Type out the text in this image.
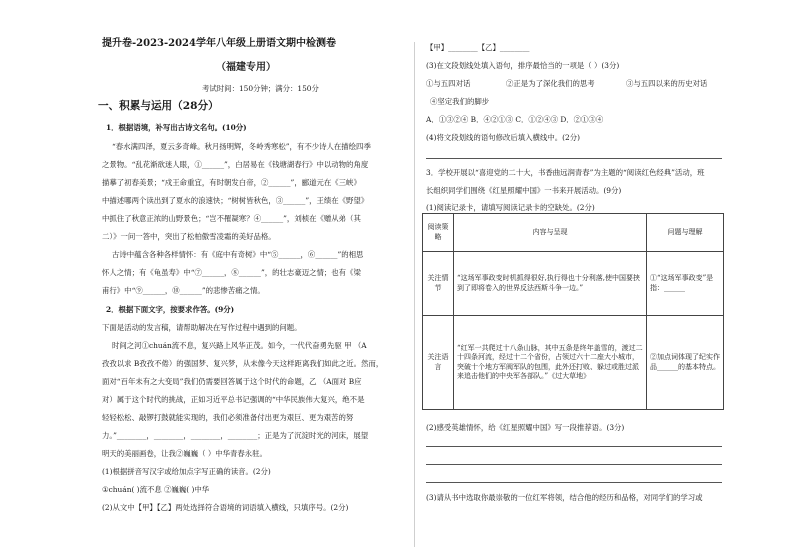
提升卷-2023-2024学年八年级上册语文期中检测卷
（福建专用）
考试时间：150分钟；满分：150分
一、积累与运用（28分）
1．根据语境，补写出古诗文名句。(10分)
“春水满四泽，夏云多奇峰。秋月扬明辉，冬岭秀寒松”，有不少诗人在描绘四季
之景物。“乱花渐欲迷人眼，①______”，白居易在《钱塘湖春行》中以动物的角度
描摹了初春美景；“戍王命重宜，有时朝发白帝，②______”，郦道元在《三峡》
中描述哪两个读出到了夏水的浪速快；“树树皆秋色，③______”，王绩在《野望》
中抓住了秋意正浓的山野景色；“岂不罹凝寒？④______”，刘桢在《赠从弟（其
二）》一问一答中，突出了松柏傲雪凌霜的美好品格。
古诗中蕴含各种各样情怀：有《庭中有奇树》中“⑤______，⑥______”的相思
怀人之情；有《龟虽寿》中“⑦______，⑧______”，的壮志豪迈之情；也有《梁
甫行》中“⑨______，⑩______”的悲惨苦痛之情。
2．根据下面文字，按要求作答。(9分)
下面是活动的发言稿，请帮助解决在写作过程中遇到的问题。
时间之河①chuán流不息，复兴路上风华正茂。如今，一代代奋勇先驱 甲 （A
孜孜以求 B孜孜不倦）的强国梦、复兴梦，从未像今天这样距离我们如此之近。然而，
面对“百年未有之大变局”我们仍需要回答属于这个时代的命题，乙 （A面对 B应
对）属于这个时代的挑战，正如习近平总书记强调的“中华民族伟大复兴，绝不是
轻轻松松、敲锣打鼓就能实现的，我们必须准备付出更为艰巨、更为艰苦的努
力。”________，________，________，________；正是为了沉淀时光的河床，展望
明天的美丽画卷，让我②巍巍（ ）中华青春永驻。
(1)根据拼音写汉字或给加点字写正确的读音。(2分)
①chuán( )流不息 ②巍巍( )中华
(2)从文中【甲】【乙】两处选择符合语境的词语填入横线，只填序号。(2分)
【甲】________【乙】________
(3)在文段划线处填入语句，排序最恰当的一项是（ ）(3分)
①与五四对话	②正是为了深化我们的思考	③与五四以来的历史对话
④坚定我们的脚步
A．①③②④ B．④②①③ C．①②④③ D．②①③④
(4)将文段划线的语句修改后填入横线中。(2分)
3．学校开展以“喜迎党的二十大，书香曲远润青春”为主题的“阅读红色经典”活动，班
长组织同学们围绕《红星照耀中国》一书来开展活动。(9分)
(1)阅读记录卡，请填写阅读记录卡的空缺处。(2分)
阅读策略	内容与呈现	问题与理解
关注情节	“这场军事政变时机抓得很好,执行得也十分利落,使中国要挟到了即将卷入的世界反法西斯斗争一边。”	①“这场军事政变”是指：______
关注语言	“红军一共爬过十八条山脉，其中五条是终年盖雪的，渡过二十四条河流，经过十二个省份，占领过六十二座大小城市，突破十个地方军阀军队的包围，此外还打败、躲过或胜过派来追击他们的中央军各部队。”《过大草地》	②加点词体现了纪实作品______的基本特点。
(2)感受英雄情怀，给《红星照耀中国》写一段推荐语。(3分)
(3)请从书中选取你最崇敬的一位红军将领，结合他的经历和品格，对同学们的学习或
